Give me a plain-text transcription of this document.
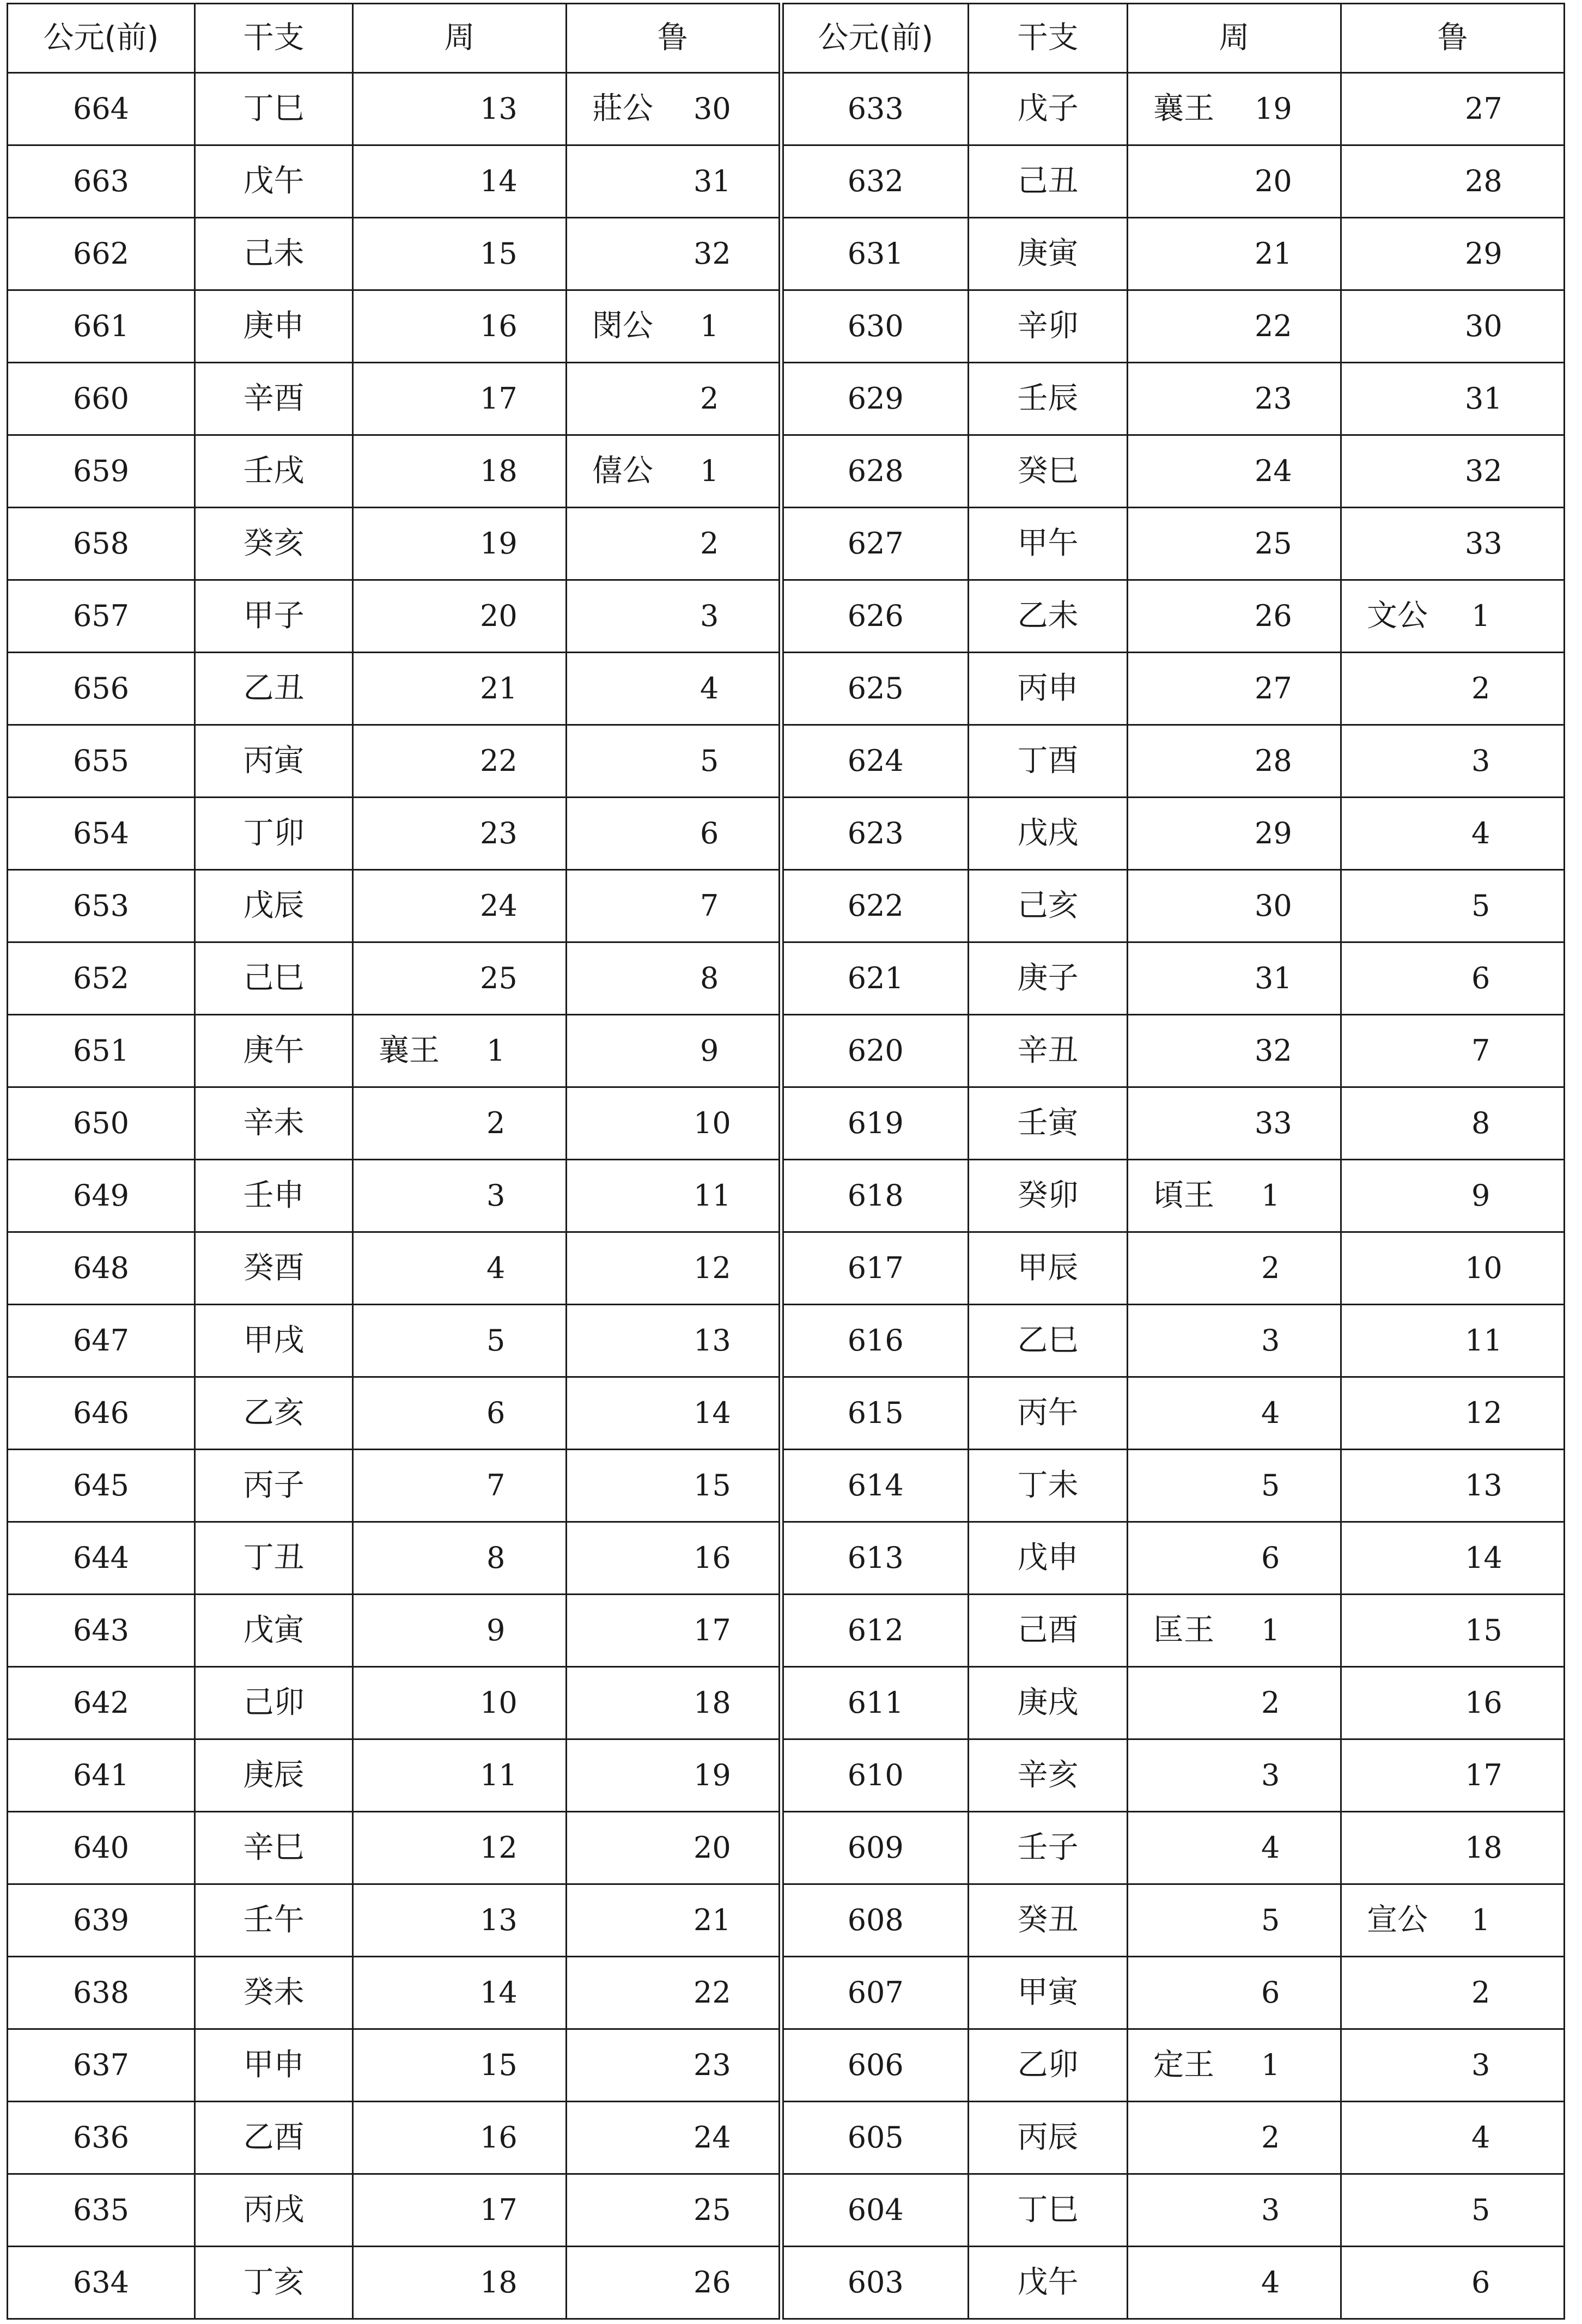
公元(前)	干支	周	鲁	公元(前)	干支	周	鲁
664	丁巳	13	莊公 30	633	戊子	襄王 19	27

663	戊午	14	31	632	己丑	20	28

662	己未	15	32	631	庚寅	21	29

661	庚申	16	閔公 1	630	辛卯	22	30

660	辛酉	17	2	629	壬辰	23	31

659	壬戌	18	僖公 1	628	癸巳	24	32

658	癸亥	19	2	627	甲午	25	33

657	甲子	20	3	626	乙未	26	文公 1

656	乙丑	21	4	625	丙申	27	2

655	丙寅	22	5	624	丁酉	28	3

654	丁卯	23	6	623	戊戌	29	4

653	戊辰	24	7	622	己亥	30	5

652	己巳	25	8	621	庚子	31	6

651	庚午	襄王 1	9	620	辛丑	32	7

650	辛未	2	10	619	壬寅	33	8

649	壬申	3	11	618	癸卯	頃王 1	9

648	癸酉	4	12	617	甲辰	2	10

647	甲戌	5	13	616	乙巳	3	11

646	乙亥	6	14	615	丙午	4	12

645	丙子	7	15	614	丁未	5	13

644	丁丑	8	16	613	戊申	6	14

643	戊寅	9	17	612	己酉	匡王 1	15

642	己卯	10	18	611	庚戌	2	16

641	庚辰	11	19	610	辛亥	3	17

640	辛巳	12	20	609	壬子	4	18

639	壬午	13	21	608	癸丑	5	宣公 1

638	癸未	14	22	607	甲寅	6	2

637	甲申	15	23	606	乙卯	定王 1	3

636	乙酉	16	24	605	丙辰	2	4

635	丙戌	17	25	604	丁巳	3	5

634	丁亥	18	26	603	戊午	4	6
